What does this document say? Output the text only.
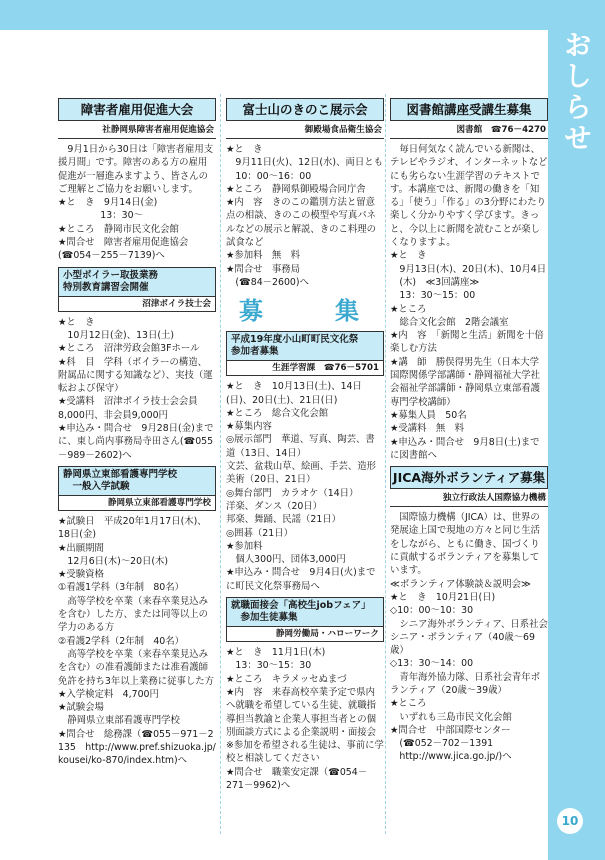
おしらせ
10
障害者雇用促進大会
社静岡県障害者雇用促進協会

9月1日から30日は「障害者雇用支援月間」です。障害のある方の雇用促進が一層進みますよう、皆さんのご理解とご協力をお願いします。

★と　き　9月14日(金)

13：30～

★ところ　静岡市民文化会館

★問合せ　障害者雇用促進協会

(☎054－255－7139)へ

小型ボイラー取扱業務
特別教育講習会開催
沼津ボイラ技士会

★と　き

10月12日(金)、13日(土)

★ところ　沼津労政会館3Fホール

★科　目　学科（ボイラーの構造、附属品に関する知識など）、実技（運転および保守）

★受講料　沼津ボイラ技士会会員8,000円、非会員9,000円

★申込み・問合せ　9月28日(金)までに、東し尚内事務局寺田さん(☎055－989－2602)へ

静岡県立東部看護専門学校
一般入学試験
静岡県立東部看護専門学校

★試験日　平成20年1月17日(木)、18日(金)

★出願期間

12月6日(木)～20日(木)

★受験資格

①看護1学科（3年制　80名）

高等学校を卒業（来春卒業見込みを含む）した方、または同等以上の学力のある方

②看護2学科（2年制　40名）

高等学校を卒業（来春卒業見込みを含む）の准看護師または准看護師免許を持ち3年以上業務に従事した方

★入学検定料　4,700円

★試験会場

静岡県立東部看護専門学校

★問合せ　総務課（☎055－971－2135　http://www.pref.shizuoka.jp/kousei/ko-870/index.htm)へ

富士山のきのこ展示会
御殿場食品衛生協会

★と　き

9月11日(火)、12日(水)、両日とも10：00～16：00

★ところ　静岡県御殿場合同庁舎

★内　容　きのこの鑑別方法と留意点の相談、きのこの模型や写真パネルなどの展示と解説、きのこ料理の試食など

★参加料　無　料

★問合せ　事務局

(☎84－2600)へ

募　集
平成19年度小山町町民文化祭
参加者募集
生涯学習課　☎76－5701

★と　き　10月13日(土)、14日(日)、20日(土)、21日(日)

★ところ　総合文化会館

★募集内容

◎展示部門　華道、写真、陶芸、書道（13日、14日）

文芸、盆栽山草、絵画、手芸、造形美術（20日、21日）

◎舞台部門　カラオケ（14日）

洋楽、ダンス（20日）

邦楽、舞踊、民謡（21日）

◎囲碁（21日）

★参加料

個人300円、団体3,000円

★申込み・問合せ　9月4日(火)までに町民文化祭事務局へ

就職面接会「高校生jobフェア」
参加生徒募集
静岡労働局・ハローワーク

★と　き　11月1日(木)

13：30～15：30

★ところ　キラメッセぬまづ

★内　容　来春高校卒業予定で県内へ就職を希望している生徒、就職指導担当教諭と企業人事担当者との個別面談方式による企業説明・面接会

※参加を希望される生徒は、事前に学校と相談してください

★問合せ　職業安定課（☎054－271－9962)へ

図書館講座受講生募集
図書館　☎76－4270

毎日何気なく読んでいる新聞は、テレビやラジオ、インターネットなどにも劣らない生涯学習のテキストです。本講座では、新聞の働きを「知る」「使う」「作る」の3分野にわたり楽しく分かりやすく学びます。きっと、今以上に新聞を読むことが楽しくなりますよ。

★と　き

9月13日(木)、20日(木)、10月4日(木)　≪3回講座≫

13：30～15：00

★ところ

総合文化会館　2階会議室

★内　容　「新聞と生活」新聞を十倍楽しむ方法

★講　師　勝俣得男先生（日本大学国際関係学部講師・静岡福祉大学社会福祉学部講師・静岡県立東部看護専門学校講師）

★募集人員　50名

★受講料　無　料

★申込み・問合せ　9月8日(土)までに図書館へ

JICA海外ボランティア募集
独立行政法人国際協力機構

国際協力機構（JICA）は、世界の発展途上国で現地の方々と同じ生活をしながら、ともに働き、国づくりに貢献するボランティアを募集しています。

≪ボランティア体験談＆説明会≫

★と　き　10月21日(日)

◇10：00～10：30

シニア海外ボランティア、日系社会シニア・ボランティア（40歳～69歳）

◇13：30～14：00

青年海外協力隊、日系社会青年ボランティア（20歳～39歳）

★ところ

いずれも三島市民文化会館

★問合せ　中部国際センター

(☎052－702－1391

http://www.jica.go.jp/)へ
